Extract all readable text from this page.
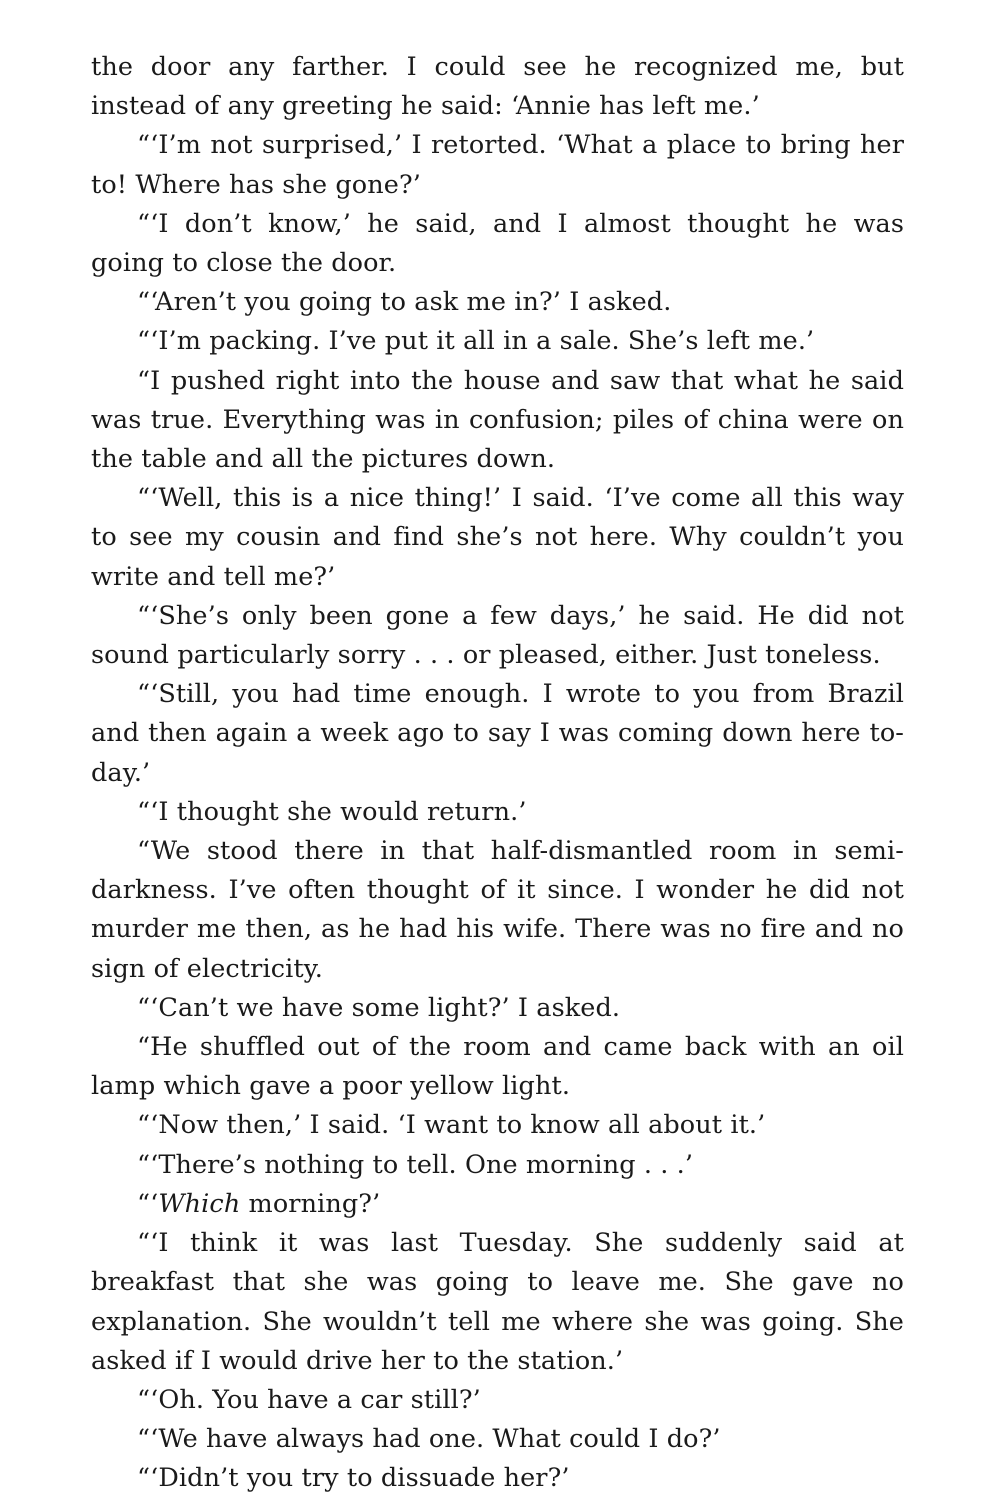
the door any farther. I could see he recognized me, but instead of any greeting he said: ‘Annie has left me.’

“‘I’m not surprised,’ I retorted. ‘What a place to bring her to! Where has she gone?’

“‘I don’t know,’ he said, and I almost thought he was going to close the door.

“‘Aren’t you going to ask me in?’ I asked.

“‘I’m packing. I’ve put it all in a sale. She’s left me.’

“I pushed right into the house and saw that what he said was true. Everything was in confusion; piles of china were on the table and all the pictures down.

“‘Well, this is a nice thing!’ I said. ‘I’ve come all this way to see my cousin and find she’s not here. Why couldn’t you write and tell me?’

“‘She’s only been gone a few days,’ he said. He did not sound particularly sorry . . . or pleased, either. Just toneless.

“‘Still, you had time enough. I wrote to you from Brazil and then again a week ago to say I was coming down here to-day.’

“‘I thought she would return.’

“We stood there in that half-dismantled room in semi-darkness. I’ve often thought of it since. I wonder he did not murder me then, as he had his wife. There was no fire and no sign of electricity.

“‘Can’t we have some light?’ I asked.

“He shuffled out of the room and came back with an oil lamp which gave a poor yellow light.

“‘Now then,’ I said. ‘I want to know all about it.’

“‘There’s nothing to tell. One morning . . .’

“‘Which morning?’

“‘I think it was last Tuesday. She suddenly said at breakfast that she was going to leave me. She gave no explanation. She wouldn’t tell me where she was going. She asked if I would drive her to the station.’

“‘Oh. You have a car still?’

“‘We have always had one. What could I do?’

“‘Didn’t you try to dissuade her?’
